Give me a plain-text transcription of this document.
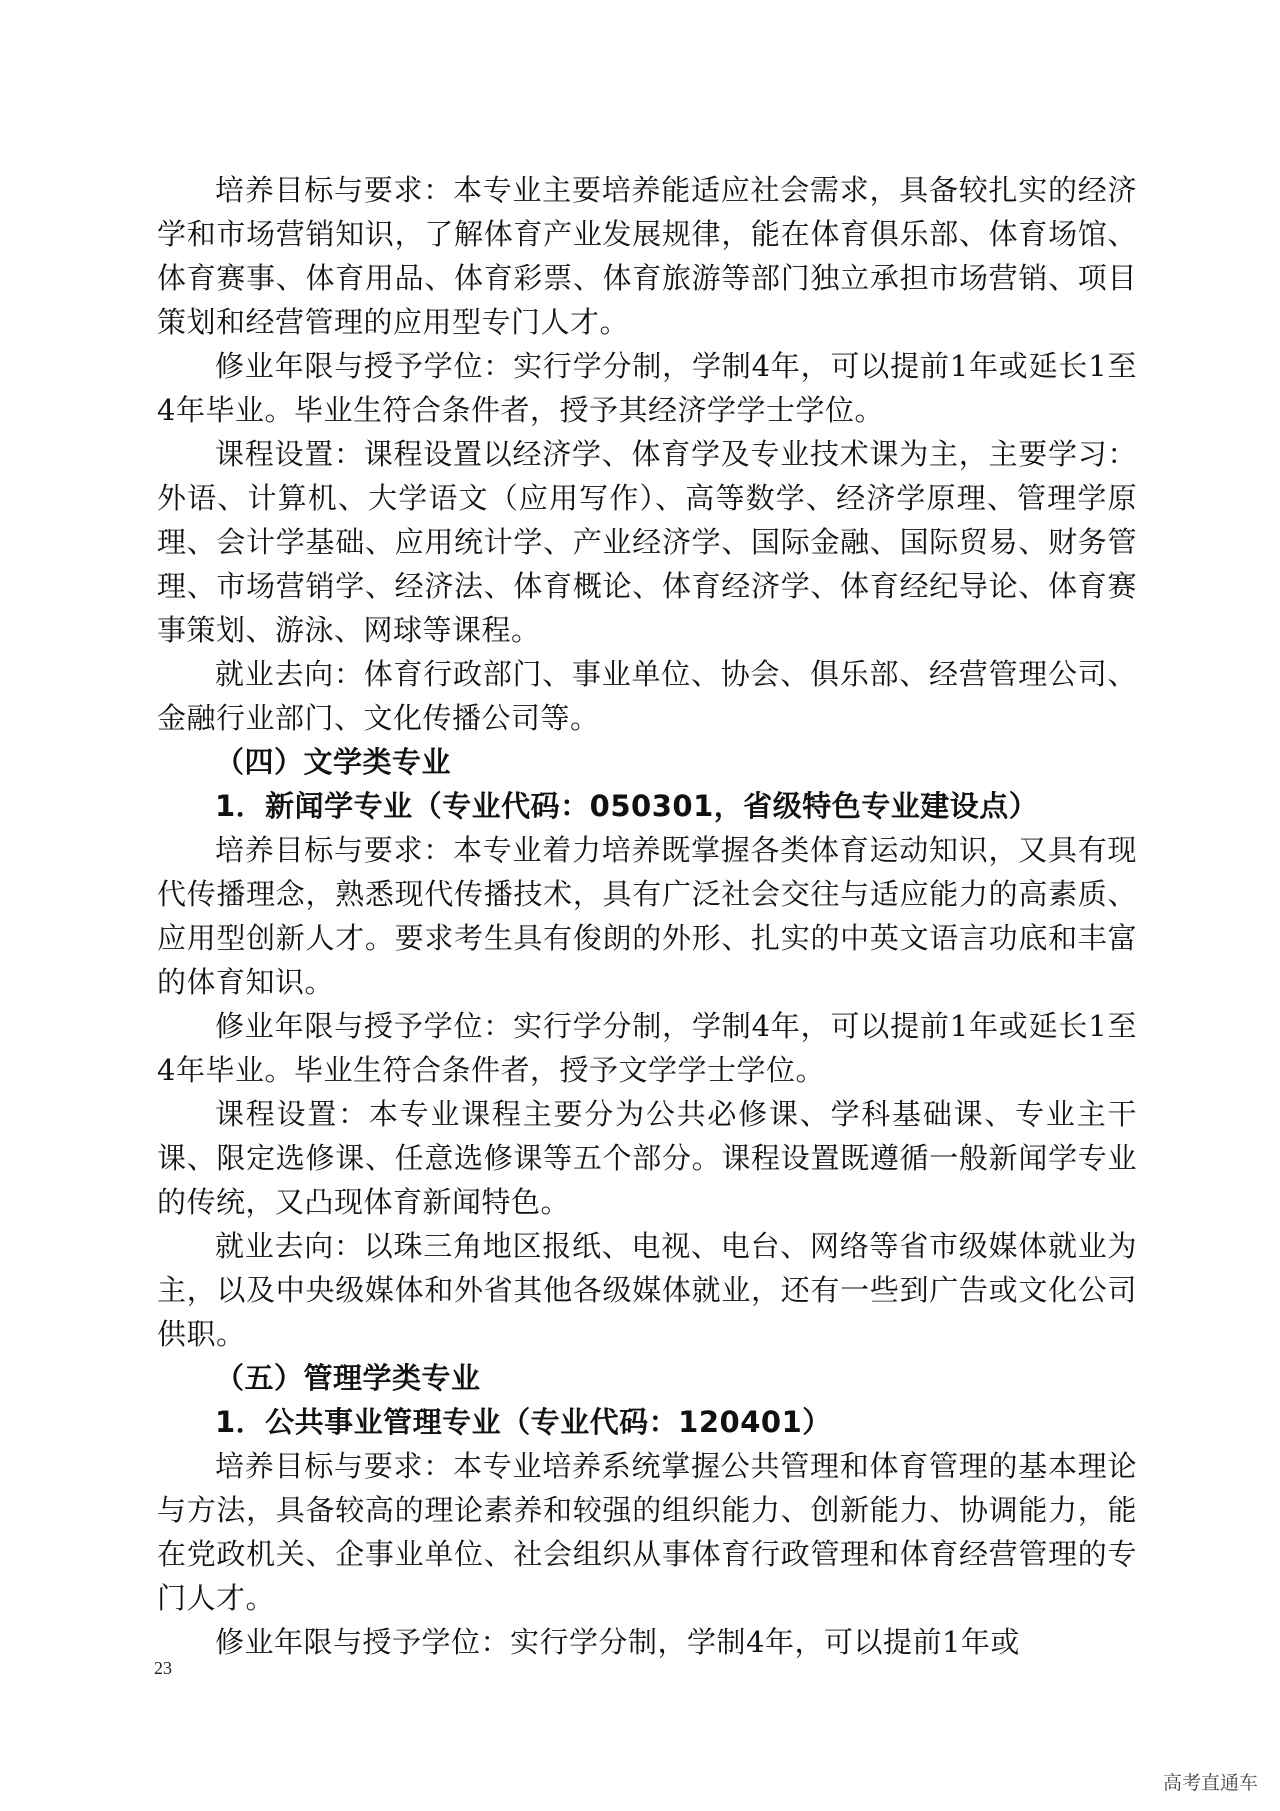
培养目标与要求：本专业主要培养能适应社会需求，具备较扎实的经济学和市场营销知识，了解体育产业发展规律，能在体育俱乐部、体育场馆、体育赛事、体育用品、体育彩票、体育旅游等部门独立承担市场营销、项目策划和经营管理的应用型专门人才。

修业年限与授予学位：实行学分制，学制4年，可以提前1年或延长1至4年毕业。毕业生符合条件者，授予其经济学学士学位。

课程设置：课程设置以经济学、体育学及专业技术课为主，主要学习：外语、计算机、大学语文（应用写作）、高等数学、经济学原理、管理学原理、会计学基础、应用统计学、产业经济学、国际金融、国际贸易、财务管理、市场营销学、经济法、体育概论、体育经济学、体育经纪导论、体育赛事策划、游泳、网球等课程。

就业去向：体育行政部门、事业单位、协会、俱乐部、经营管理公司、金融行业部门、文化传播公司等。

（四）文学类专业

1．新闻学专业（专业代码：050301，省级特色专业建设点）

培养目标与要求：本专业着力培养既掌握各类体育运动知识，又具有现代传播理念，熟悉现代传播技术，具有广泛社会交往与适应能力的高素质、应用型创新人才。要求考生具有俊朗的外形、扎实的中英文语言功底和丰富的体育知识。

修业年限与授予学位：实行学分制，学制4年，可以提前1年或延长1至4年毕业。毕业生符合条件者，授予文学学士学位。

课程设置：本专业课程主要分为公共必修课、学科基础课、专业主干课、限定选修课、任意选修课等五个部分。课程设置既遵循一般新闻学专业的传统，又凸现体育新闻特色。

就业去向：以珠三角地区报纸、电视、电台、网络等省市级媒体就业为主，以及中央级媒体和外省其他各级媒体就业，还有一些到广告或文化公司供职。

（五）管理学类专业

1．公共事业管理专业（专业代码：120401）

培养目标与要求：本专业培养系统掌握公共管理和体育管理的基本理论与方法，具备较高的理论素养和较强的组织能力、创新能力、协调能力，能在党政机关、企事业单位、社会组织从事体育行政管理和体育经营管理的专门人才。

修业年限与授予学位：实行学分制，学制4年，可以提前1年或

23
高考直通车
